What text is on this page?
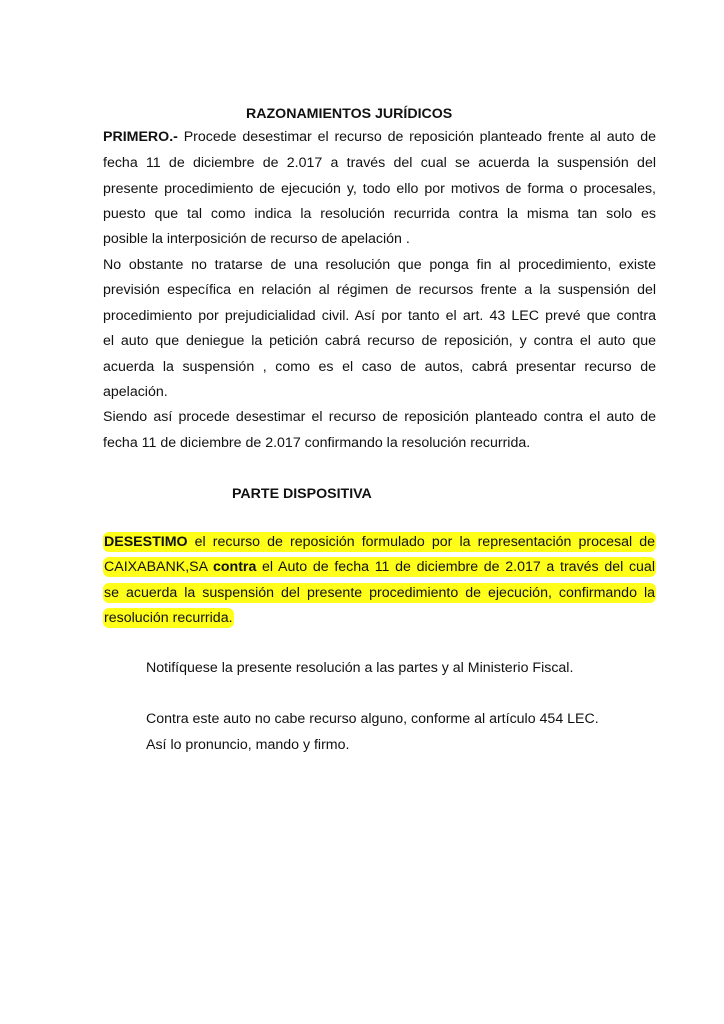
RAZONAMIENTOS JURÍDICOS
PRIMERO.- Procede desestimar el recurso de reposición planteado frente al auto de
fecha 11 de diciembre de 2.017 a través del cual se acuerda la suspensión del
presente procedimiento de ejecución y, todo ello por motivos de forma o procesales,
puesto que tal como indica la resolución recurrida contra la misma tan solo es
posible la interposición de recurso de apelación .
No obstante no tratarse de una resolución que ponga fin al procedimiento, existe
previsión específica en relación al régimen de recursos frente a la suspensión del
procedimiento por prejudicialidad civil. Así por tanto el art. 43 LEC prevé que contra
el auto que deniegue la petición cabrá recurso de reposición, y contra el auto que
acuerda la suspensión , como es el caso de autos, cabrá presentar recurso de
apelación.
Siendo así procede desestimar el recurso de reposición planteado contra el auto de
fecha 11 de diciembre de 2.017 confirmando la resolución recurrida.
PARTE DISPOSITIVA
DESESTIMO el recurso de reposición formulado por la representación procesal de
CAIXABANK,SA contra el Auto de fecha 11 de diciembre de 2.017 a través del cual
se acuerda la suspensión del presente procedimiento de ejecución, confirmando la
resolución recurrida.
Notifíquese la presente resolución a las partes y al Ministerio Fiscal.
Contra este auto no cabe recurso alguno, conforme al artículo 454 LEC.
Así lo pronuncio, mando y firmo.
